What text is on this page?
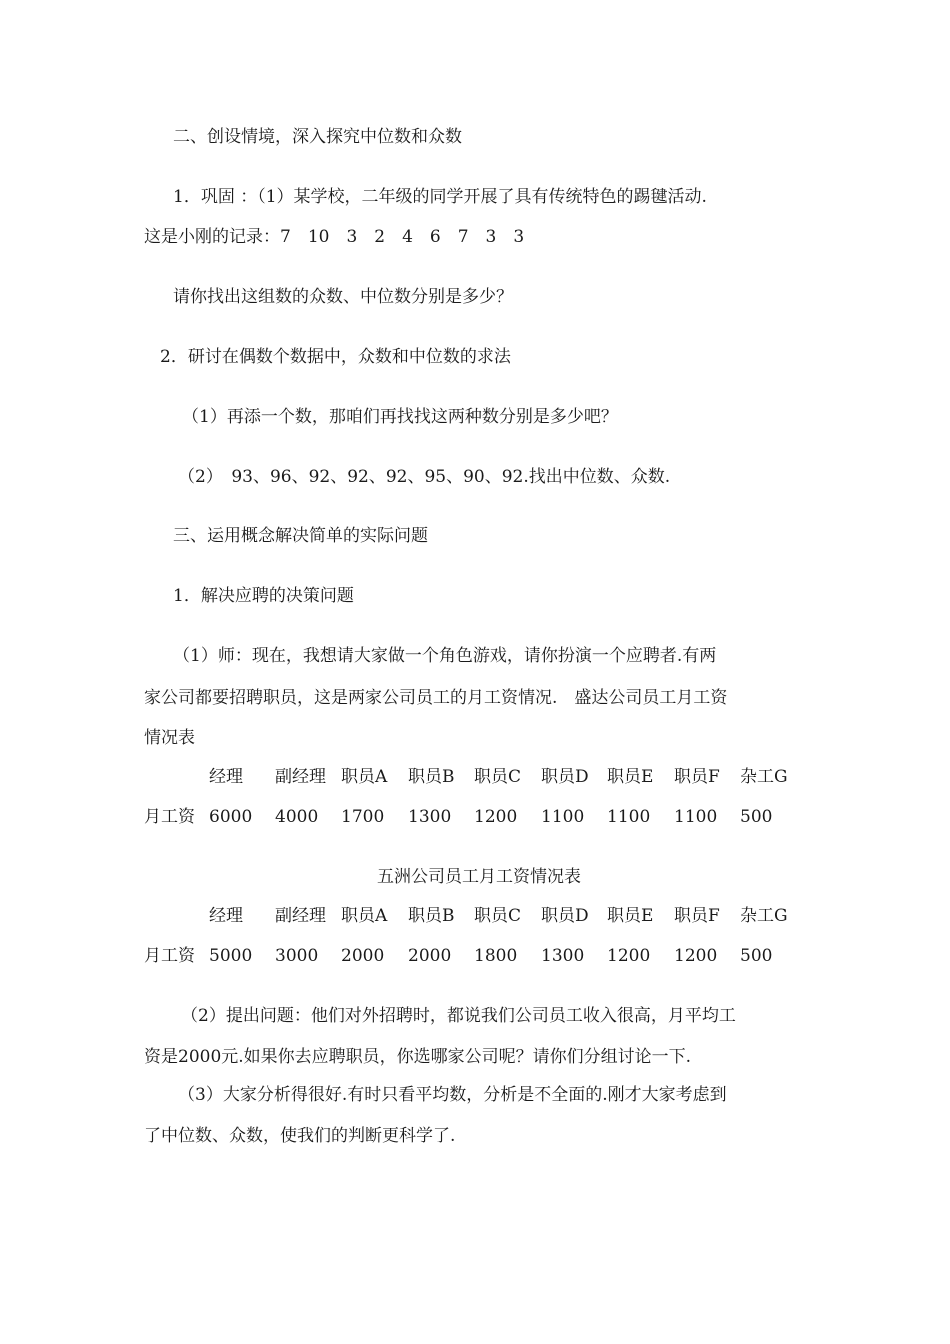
二、创设情境，深入探究中位数和众数
1．巩固 ：（1）某学校，二年级的同学开展了具有传统特色的踢毽活动.
这是小刚的记录：7　10　3　2　4　6　7　3　3
请你找出这组数的众数、中位数分别是多少？
2．研讨在偶数个数据中，众数和中位数的求法
（1）再添一个数，那咱们再找找这两种数分别是多少吧？
（2）　93、96、92、92、92、95、90、92.找出中位数、众数.
三、运用概念解决简单的实际问题
1．解决应聘的决策问题
（1）师：现在，我想请大家做一个角色游戏，请你扮演一个应聘者.有两
家公司都要招聘职员，这是两家公司员工的月工资情况.　盛达公司员工月工资
情况表
经理 副经理 职员A 职员B 职员C 职员D 职员E 职员F 杂工G
月工资 6000 4000 1700 1300 1200 1100 1100 1100 500
五洲公司员工月工资情况表
经理 副经理 职员A 职员B 职员C 职员D 职员E 职员F 杂工G
月工资 5000 3000 2000 2000 1800 1300 1200 1200 500
（2）提出问题：他们对外招聘时，都说我们公司员工收入很高，月平均工
资是2000元.如果你去应聘职员，你选哪家公司呢？请你们分组讨论一下.
（3）大家分析得很好.有时只看平均数，分析是不全面的.刚才大家考虑到
了中位数、众数，使我们的判断更科学了.
